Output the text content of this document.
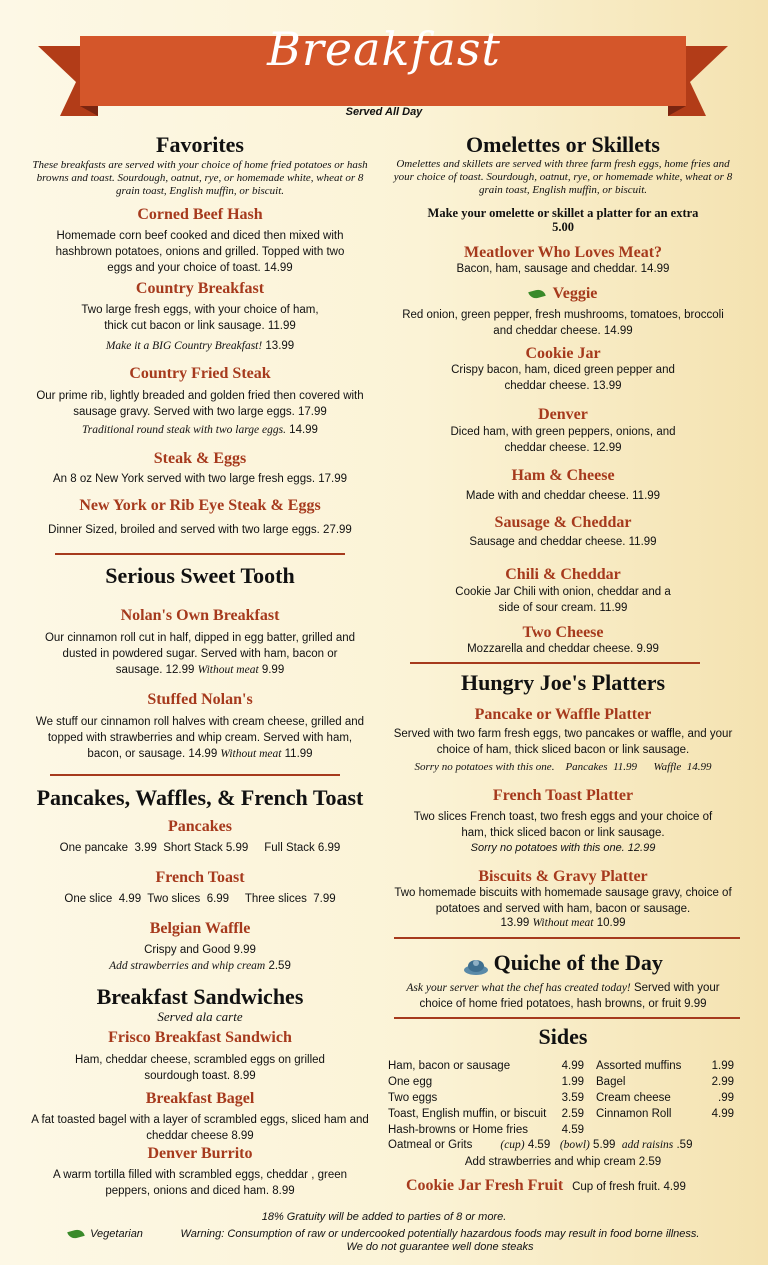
Breakfast
Served All Day
Favorites
These breakfasts are served with your choice of home fried potatoes or hash browns and toast. Sourdough, oatnut, rye, or homemade white, wheat or 8 grain toast, English muffin, or biscuit.
Corned Beef Hash
Homemade corn beef cooked and diced then mixed with hashbrown potatoes, onions and grilled. Topped with two eggs and your choice of toast. 14.99
Country Breakfast
Two large fresh eggs, with your choice of ham, thick cut bacon or link sausage. 11.99
Make it a BIG Country Breakfast! 13.99
Country Fried Steak
Our prime rib, lightly breaded and golden fried then covered with sausage gravy. Served with two large eggs. 17.99
Traditional round steak with two large eggs. 14.99
Steak & Eggs
An 8 oz New York served with two large fresh eggs. 17.99
New York or Rib Eye Steak & Eggs
Dinner Sized, broiled and served with two large eggs. 27.99
Serious Sweet Tooth
Nolan's Own Breakfast
Our cinnamon roll cut in half, dipped in egg batter, grilled and dusted in powdered sugar. Served with ham, bacon or sausage. 12.99 Without meat 9.99
Stuffed Nolan's
We stuff our cinnamon roll halves with cream cheese, grilled and topped with strawberries and whip cream. Served with ham, bacon, or sausage. 14.99 Without meat 11.99
Pancakes, Waffles, & French Toast
Pancakes
One pancake  3.99  Short Stack 5.99     Full Stack 6.99
French Toast
One slice  4.99  Two slices  6.99     Three slices  7.99
Belgian Waffle
Crispy and Good 9.99
Add strawberries and whip cream 2.59
Breakfast Sandwiches
Served ala carte
Frisco Breakfast Sandwich
Ham, cheddar cheese, scrambled eggs on grilled sourdough toast. 8.99
Breakfast Bagel
A fat toasted bagel with a layer of scrambled eggs, sliced ham and cheddar cheese 8.99
Denver Burrito
A warm tortilla filled with scrambled eggs, cheddar , green peppers, onions and diced ham. 8.99
Omelettes or Skillets
Omelettes and skillets are served with three farm fresh eggs, home fries and your choice of toast. Sourdough, oatnut, rye, or homemade white, wheat or 8 grain toast, English muffin, or biscuit.
Make your omelette or skillet a platter for an extra 5.00
Meatlover Who Loves Meat?
Bacon, ham, sausage and cheddar. 14.99
Veggie
Red onion, green pepper, fresh mushrooms, tomatoes, broccoli and cheddar cheese. 14.99
Cookie Jar
Crispy bacon, ham, diced green pepper and cheddar cheese. 13.99
Denver
Diced ham, with green peppers, onions, and cheddar cheese. 12.99
Ham & Cheese
Made with and cheddar cheese. 11.99
Sausage & Cheddar
Sausage and cheddar cheese. 11.99
Chili & Cheddar
Cookie Jar Chili with onion, cheddar and a side of sour cream. 11.99
Two Cheese
Mozzarella and cheddar cheese. 9.99
Hungry Joe's Platters
Pancake or Waffle Platter
Served with two farm fresh eggs, two pancakes or waffle, and your choice of ham, thick sliced bacon or link sausage.
Sorry no potatoes with this one.    Pancakes  11.99      Waffle  14.99
French Toast Platter
Two slices French toast, two fresh eggs and your choice of ham, thick sliced bacon or link sausage.
Sorry no potatoes with this one. 12.99
Biscuits & Gravy Platter
Two homemade biscuits with homemade sausage gravy, choice of potatoes and served with ham, bacon or sausage.
13.99 Without meat 10.99
Quiche of the Day
Ask your server what the chef has created today! Served with your choice of home fried potatoes, hash browns, or fruit 9.99
Sides
Ham, bacon or sausage	4.99
One egg	1.99
Two eggs	3.59
Toast, English muffin, or biscuit	2.59
Hash-browns or Home fries	4.59
Assorted muffins	1.99
Bagel	2.99
Cream cheese	.99
Cinnamon Roll	4.99
Oatmeal or Grits (cup) 4.59 (bowl) 5.99 add raisins .59
Add strawberries and whip cream 2.59
Cookie Jar Fresh Fruit Cup of fresh fruit. 4.99
18% Gratuity will be added to parties of 8 or more.
Vegetarian	Warning: Consumption of raw or undercooked potentially hazardous foods may result in food borne illness.
We do not guarantee well done steaks
